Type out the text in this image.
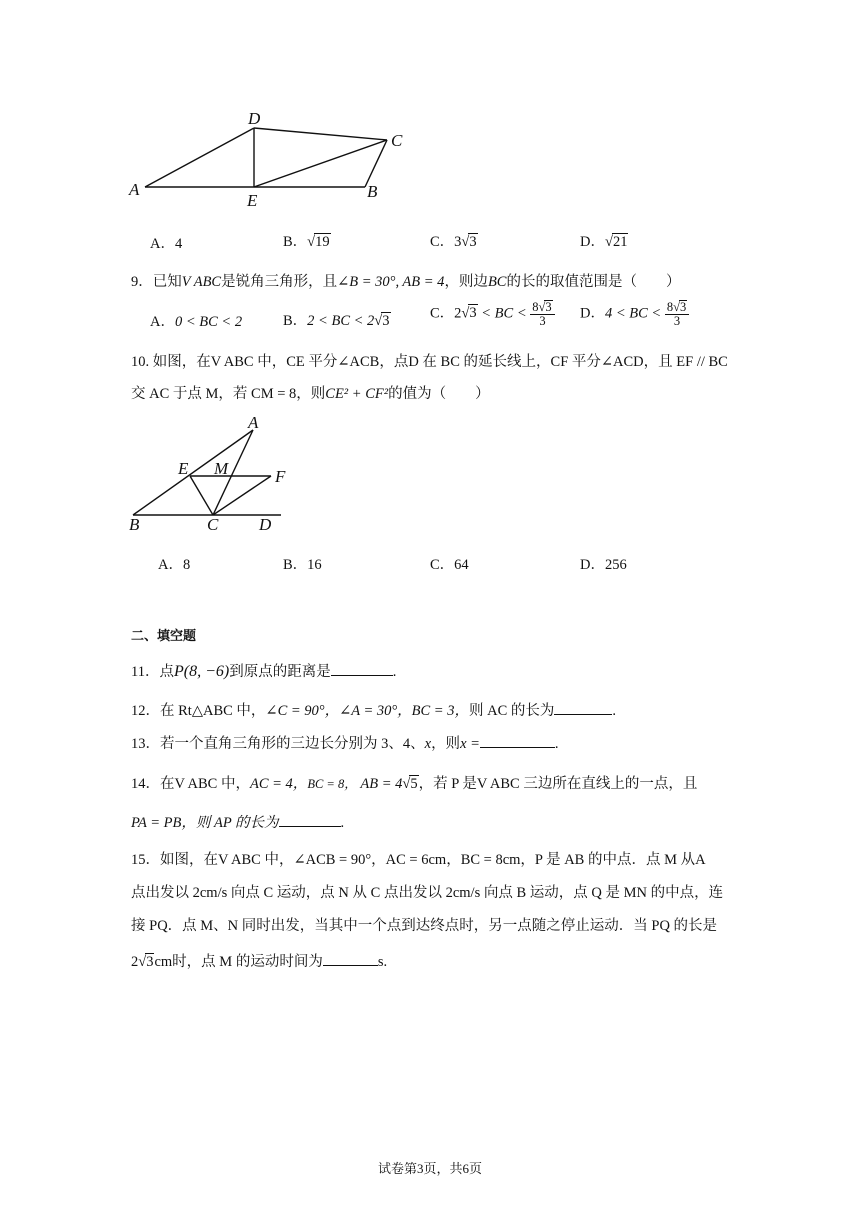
A
D
C
B
E
A．4	B．√19	C．3√3	D．√21
9．已知V ABC是锐角三角形，且∠B = 30°, AB = 4，则边BC的长的取值范围是（　　）
A．0 < BC < 2	B．2 < BC < 2√3	C．2√3 < BC < $\frac{8√3}{3}$ D．4 < BC < $\frac{8√3}{3}$
10. 如图，在V ABC 中，CE 平分∠ACB，点D 在 BC 的延长线上，CF 平分∠ACD，且 EF // BC
交 AC 于点 M，若 CM = 8，则CE² + CF²的值为（　　）
A
E M	F
B	C D
A．8	B．16	C．64	D．256
二、填空题
11．点P(8, −6)到原点的距离是	.
12．在 Rt△ABC 中，∠C = 90°，∠A = 30°，BC = 3，则 AC 的长为	.
13．若一个直角三角形的三边长分别为 3、4、x，则x =	.
14．在V ABC 中，AC = 4，BC = 8， AB = 4√5，若 P 是V ABC 三边所在直线上的一点，且
PA = PB，则 AP 的长为	.
15．如图，在V ABC 中，∠ACB = 90°，AC = 6cm，BC = 8cm，P 是 AB 的中点．点 M 从A
点出发以 2cm/s 向点 C 运动，点 N 从 C 点出发以 2cm/s 向点 B 运动，点 Q 是 MN 的中点，连
接 PQ．点 M、N 同时出发，当其中一个点到达终点时，另一点随之停止运动．当 PQ 的长是
2√3cm时，点 M 的运动时间为	s.
试卷第3页，共6页
